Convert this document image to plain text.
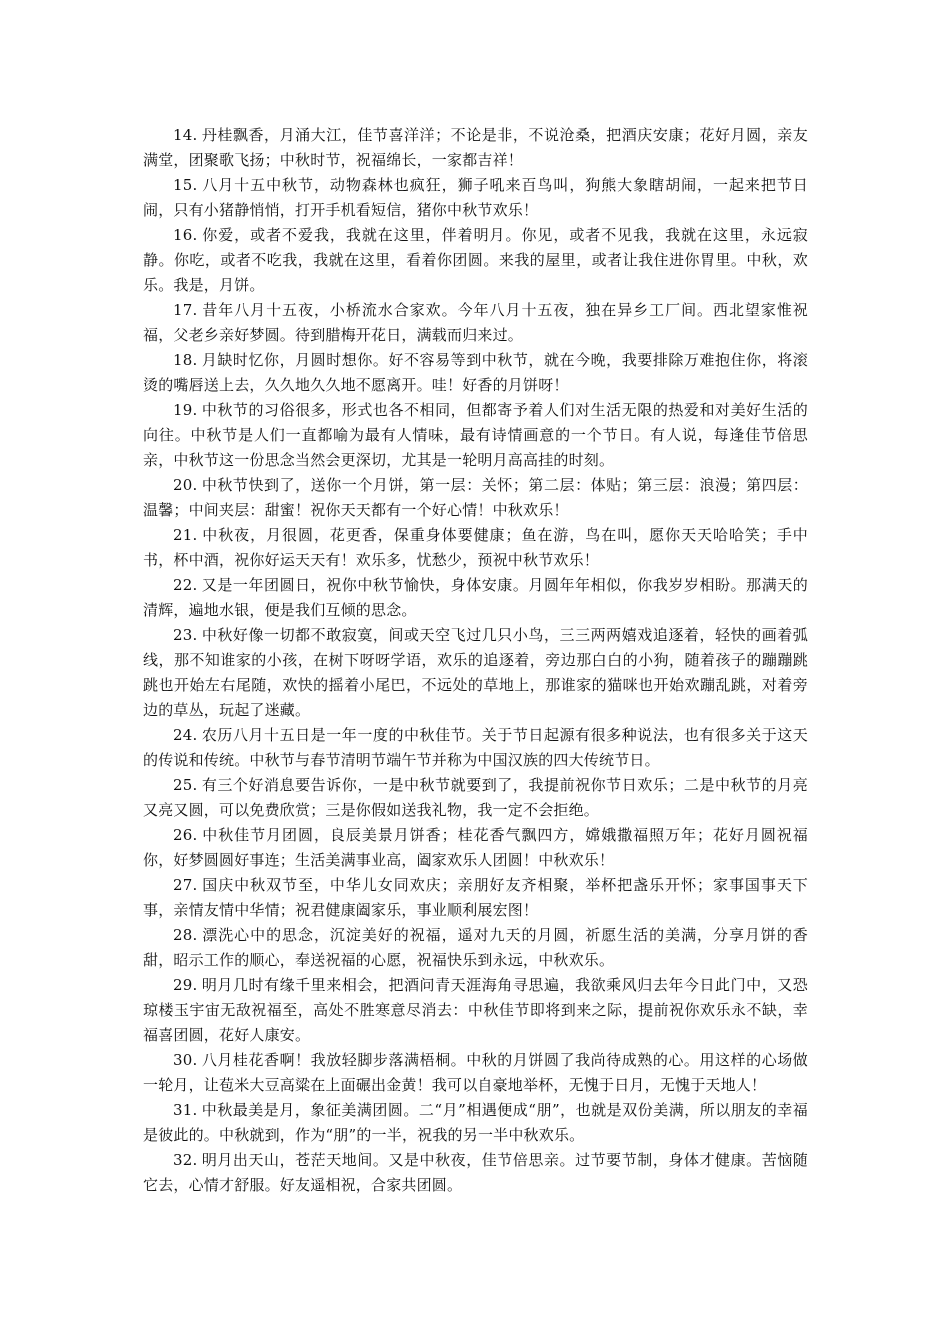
14. 丹桂飘香，月涌大江，佳节喜洋洋；不论是非，不说沧桑，把酒庆安康；花好月圆，亲友满堂，团聚歌飞扬；中秋时节，祝福绵长，一家都吉祥！

15. 八月十五中秋节，动物森林也疯狂，狮子吼来百鸟叫，狗熊大象瞎胡闹，一起来把节日闹，只有小猪静悄悄，打开手机看短信，猪你中秋节欢乐！

16. 你爱，或者不爱我，我就在这里，伴着明月。你见，或者不见我，我就在这里，永远寂静。你吃，或者不吃我，我就在这里，看着你团圆。来我的屋里，或者让我住进你胃里。中秋，欢乐。我是，月饼。

17. 昔年八月十五夜，小桥流水合家欢。今年八月十五夜，独在异乡工厂间。西北望家惟祝福，父老乡亲好梦圆。待到腊梅开花日，满载而归来过。

18. 月缺时忆你，月圆时想你。好不容易等到中秋节，就在今晚，我要排除万难抱住你，将滚烫的嘴唇送上去，久久地久久地不愿离开。哇！好香的月饼呀！

19. 中秋节的习俗很多，形式也各不相同，但都寄予着人们对生活无限的热爱和对美好生活的向往。中秋节是人们一直都喻为最有人情味，最有诗情画意的一个节日。有人说，每逢佳节倍思亲，中秋节这一份思念当然会更深切，尤其是一轮明月高高挂的时刻。

20. 中秋节快到了，送你一个月饼，第一层：关怀；第二层：体贴；第三层：浪漫；第四层：温馨；中间夹层：甜蜜！祝你天天都有一个好心情！中秋欢乐！

21. 中秋夜，月很圆，花更香，保重身体要健康；鱼在游，鸟在叫，愿你天天哈哈笑；手中书，杯中酒，祝你好运天天有！欢乐多，忧愁少，预祝中秋节欢乐！

22. 又是一年团圆日，祝你中秋节愉快，身体安康。月圆年年相似，你我岁岁相盼。那满天的清辉，遍地水银，便是我们互倾的思念。

23. 中秋好像一切都不敢寂寞，间或天空飞过几只小鸟，三三两两嬉戏追逐着，轻快的画着弧线，那不知谁家的小孩，在树下呀呀学语，欢乐的追逐着，旁边那白白的小狗，随着孩子的蹦蹦跳跳也开始左右尾随，欢快的摇着小尾巴，不远处的草地上，那谁家的猫咪也开始欢蹦乱跳，对着旁边的草丛，玩起了迷藏。

24. 农历八月十五日是一年一度的中秋佳节。关于节日起源有很多种说法，也有很多关于这天的传说和传统。中秋节与春节清明节端午节并称为中国汉族的四大传统节日。

25. 有三个好消息要告诉你，一是中秋节就要到了，我提前祝你节日欢乐；二是中秋节的月亮又亮又圆，可以免费欣赏；三是你假如送我礼物，我一定不会拒绝。

26. 中秋佳节月团圆，良辰美景月饼香；桂花香气飘四方，嫦娥撒福照万年；花好月圆祝福你，好梦圆圆好事连；生活美满事业高，阖家欢乐人团圆！中秋欢乐！

27. 国庆中秋双节至，中华儿女同欢庆；亲朋好友齐相聚，举杯把盏乐开怀；家事国事天下事，亲情友情中华情；祝君健康阖家乐，事业顺利展宏图！

28. 漂洗心中的思念，沉淀美好的祝福，遥对九天的月圆，祈愿生活的美满，分享月饼的香甜，昭示工作的顺心，奉送祝福的心愿，祝福快乐到永远，中秋欢乐。

29. 明月几时有缘千里来相会，把酒问青天涯海角寻思遍，我欲乘风归去年今日此门中，又恐琼楼玉宇宙无敌祝福至，高处不胜寒意尽消去：中秋佳节即将到来之际，提前祝你欢乐永不缺，幸福喜团圆，花好人康安。

30. 八月桂花香啊！我放轻脚步落满梧桐。中秋的月饼圆了我尚待成熟的心。用这样的心场做一轮月，让苞米大豆高粱在上面碾出金黄！我可以自豪地举杯，无愧于日月，无愧于天地人！

31. 中秋最美是月，象征美满团圆。二“月”相遇便成“朋”，也就是双份美满，所以朋友的幸福是彼此的。中秋就到，作为“朋”的一半，祝我的另一半中秋欢乐。

32. 明月出天山，苍茫天地间。又是中秋夜，佳节倍思亲。过节要节制，身体才健康。苦恼随它去，心情才舒服。好友遥相祝，合家共团圆。
